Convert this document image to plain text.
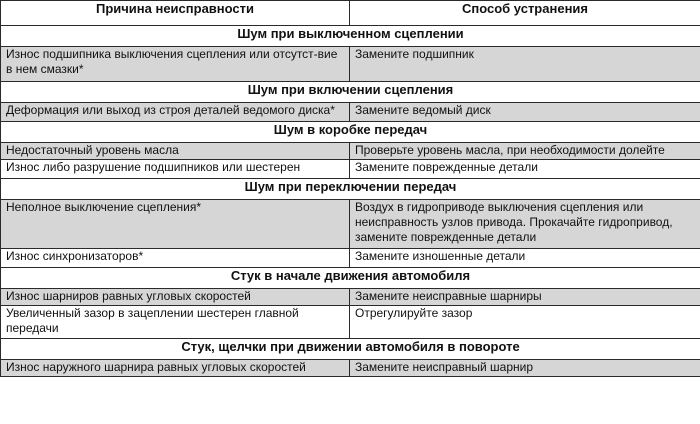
Причина неисправности	Способ устранения
Шум при выключенном сцеплении	
Износ подшипника выключения сцепления или отсутст-вие в нем смазки*	Замените подшипник
Шум при включении сцепления	
Деформация или выход из строя деталей ведомого диска*	Замените ведомый диск
Шум в коробке передач	
Недостаточный уровень масла	Проверьте уровень масла, при необходимости долейте
Износ либо разрушение подшипников или шестерен	Замените поврежденные детали
Шум при переключении передач	
Неполное выключение сцепления*	Воздух в гидроприводе выключения сцепления или неисправность узлов привода. Прокачайте гидропривод, замените поврежденные детали
Износ синхронизаторов*	Замените изношенные детали
Стук в начале движения автомобиля	
Износ шарниров равных угловых скоростей	Замените неисправные шарниры
Увеличенный зазор в зацеплении шестерен главной передачи	Отрегулируйте зазор
Стук, щелчки при движении автомобиля в повороте	
Износ наружного шарнира равных угловых скоростей	Замените неисправный шарнир
